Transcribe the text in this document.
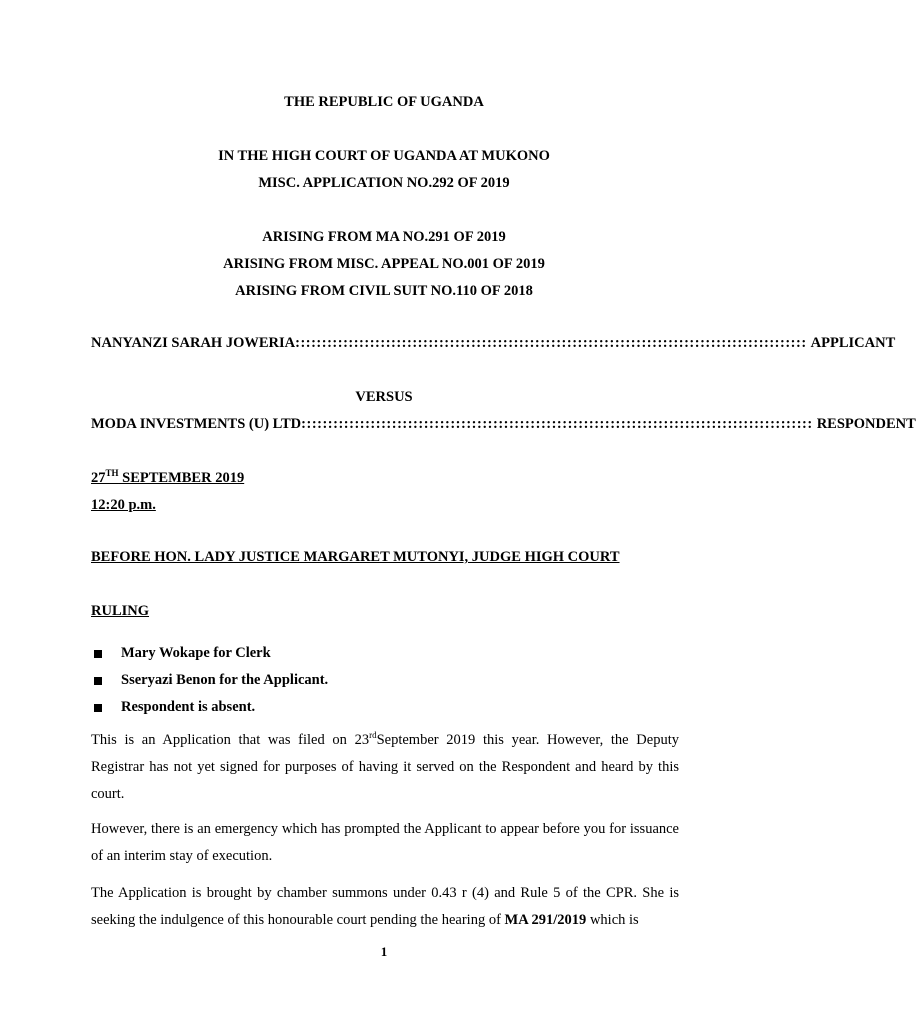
THE REPUBLIC OF UGANDA
IN THE HIGH COURT OF UGANDA AT MUKONO
MISC. APPLICATION NO.292 OF 2019
ARISING FROM MA NO.291 OF 2019
ARISING FROM MISC. APPEAL NO.001 OF 2019
ARISING FROM CIVIL SUIT NO.110 OF 2018
NANYANZI SARAH JOWERIA :::::::::::::::::::::::::::::::::::::::::::::::::::::::::::::::::::::::::::::::::::::::::::::::: APPLICANT
VERSUS
MODA INVESTMENTS (U) LTD :::::::::::::::::::::::::::::::::::::::::::::::::::::::::::::::::::::::::::::::::::::::::::::::: RESPONDENT
27TH SEPTEMBER 2019
12:20 p.m.
BEFORE HON. LADY JUSTICE MARGARET MUTONYI, JUDGE HIGH COURT
RULING
Mary Wokape for Clerk
Sseryazi Benon for the Applicant.
Respondent is absent.
This is an Application that was filed on 23rdSeptember 2019 this year. However, the Deputy Registrar has not yet signed for purposes of having it served on the Respondent and heard by this court.
However, there is an emergency which has prompted the Applicant to appear before you for issuance of an interim stay of execution.
The Application is brought by chamber summons under 0.43 r (4) and Rule 5 of the CPR. She is seeking the indulgence of this honourable court pending the hearing of MA 291/2019 which is
1
